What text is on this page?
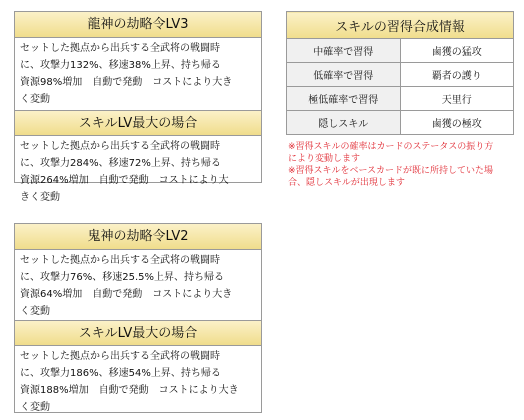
龍神の劫略令LV3
セットした拠点から出兵する全武将の戦闘時
に、攻撃力132%、移速38%上昇、持ち帰る
資源98%増加　自動で発動　コストにより大き
く変動
スキルLV最大の場合
セットした拠点から出兵する全武将の戦闘時
に、攻撃力284%、移速72%上昇、持ち帰る
資源264%増加　自動で発動　コストにより大
きく変動
鬼神の劫略令LV2
セットした拠点から出兵する全武将の戦闘時
に、攻撃力76%、移速25.5%上昇、持ち帰る
資源64%増加　自動で発動　コストにより大き
く変動
スキルLV最大の場合
セットした拠点から出兵する全武将の戦闘時
に、攻撃力186%、移速54%上昇、持ち帰る
資源188%増加　自動で発動　コストにより大き
く変動
スキルの習得合成情報	
中確率で習得	鹵獲の猛攻
低確率で習得	覇者の護り
極低確率で習得	天里行
隠しスキル	鹵獲の極攻
※習得スキルの確率はカードのステータスの振り方
により変動します
※習得スキルをベースカードが既に所持していた場
合、隠しスキルが出現します
